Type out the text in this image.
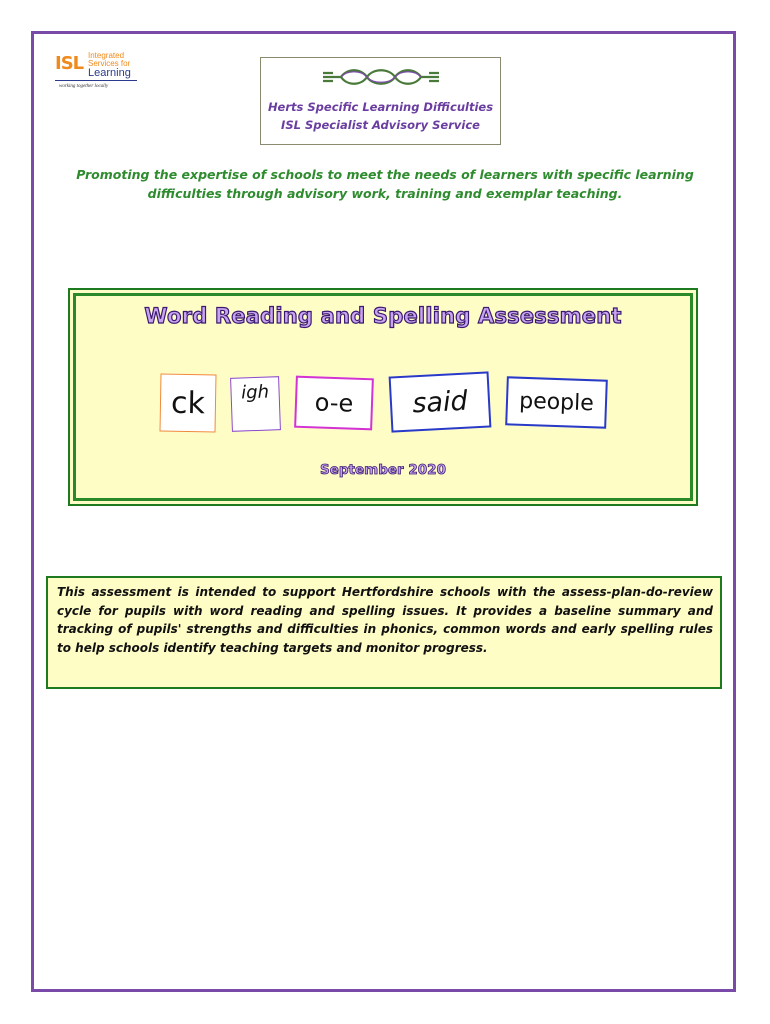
ISL Integrated
Services for
Learning
working together locally
Herts Specific Learning Difficulties
ISL Specialist Advisory Service
Promoting the expertise of schools to meet the needs of learners with specific learning difficulties through advisory work, training and exemplar teaching.
Word Reading and Spelling Assessment
ck	igh	o-e	said	people
September 2020
This assessment is intended to support Hertfordshire schools with the assess-plan-do-review cycle for pupils with word reading and spelling issues. It provides a baseline summary and tracking of pupils' strengths and difficulties in phonics, common words and early spelling rules to help schools identify teaching targets and monitor progress.
